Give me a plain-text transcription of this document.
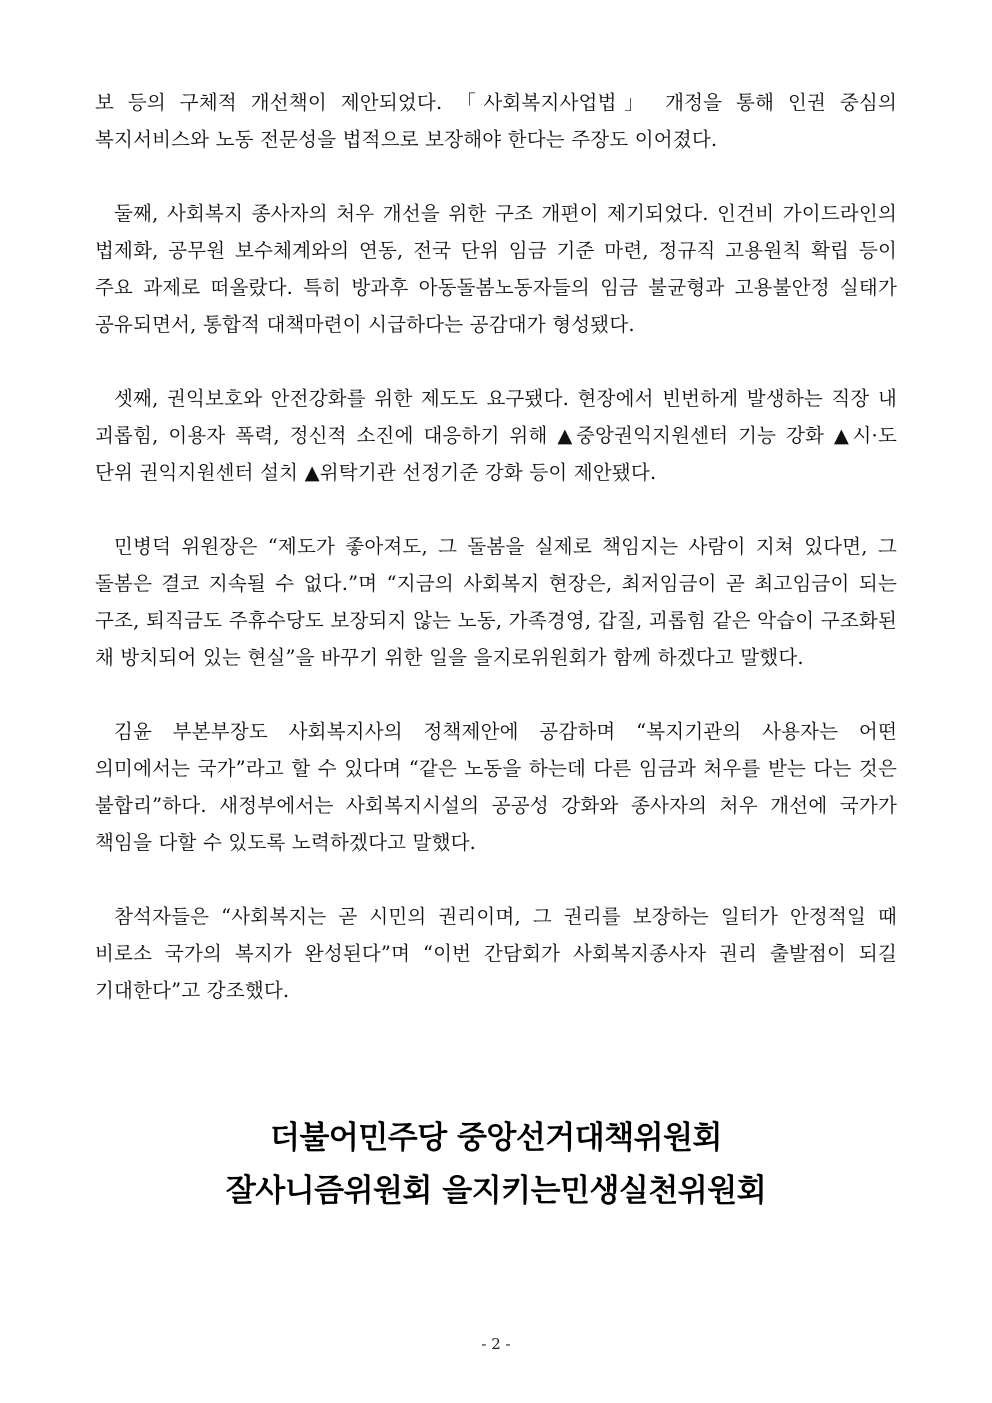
보 등의 구체적 개선책이 제안되었다. 「사회복지사업법」 개정을 통해 인권 중심의 복지서비스와 노동 전문성을 법적으로 보장해야 한다는 주장도 이어졌다.

둘째, 사회복지 종사자의 처우 개선을 위한 구조 개편이 제기되었다. 인건비 가이드라인의 법제화, 공무원 보수체계와의 연동, 전국 단위 임금 기준 마련, 정규직 고용원칙 확립 등이 주요 과제로 떠올랐다. 특히 방과후 아동돌봄노동자들의 임금 불균형과 고용불안정 실태가 공유되면서, 통합적 대책마련이 시급하다는 공감대가 형성됐다.

셋째, 권익보호와 안전강화를 위한 제도도 요구됐다. 현장에서 빈번하게 발생하는 직장 내 괴롭힘, 이용자 폭력, 정신적 소진에 대응하기 위해 ▲중앙권익지원센터 기능 강화 ▲시·도 단위 권익지원센터 설치 ▲위탁기관 선정기준 강화 등이 제안됐다.

민병덕 위원장은 “제도가 좋아져도, 그 돌봄을 실제로 책임지는 사람이 지쳐 있다면, 그 돌봄은 결코 지속될 수 없다.”며 “지금의 사회복지 현장은, 최저임금이 곧 최고임금이 되는 구조, 퇴직금도 주휴수당도 보장되지 않는 노동, 가족경영, 갑질, 괴롭힘 같은 악습이 구조화된 채 방치되어 있는 현실”을 바꾸기 위한 일을 을지로위원회가 함께 하겠다고 말했다.

김윤 부본부장도 사회복지사의 정책제안에 공감하며 “복지기관의 사용자는 어떤 의미에서는 국가”라고 할 수 있다며 “같은 노동을 하는데 다른 임금과 처우를 받는 다는 것은 불합리”하다. 새정부에서는 사회복지시설의 공공성 강화와 종사자의 처우 개선에 국가가 책임을 다할 수 있도록 노력하겠다고 말했다.

참석자들은 “사회복지는 곧 시민의 권리이며, 그 권리를 보장하는 일터가 안정적일 때 비로소 국가의 복지가 완성된다”며 “이번 간담회가 사회복지종사자 권리 출발점이 되길 기대한다”고 강조했다.

더불어민주당 중앙선거대책위원회
잘사니즘위원회 을지키는민생실천위원회
- 2 -
